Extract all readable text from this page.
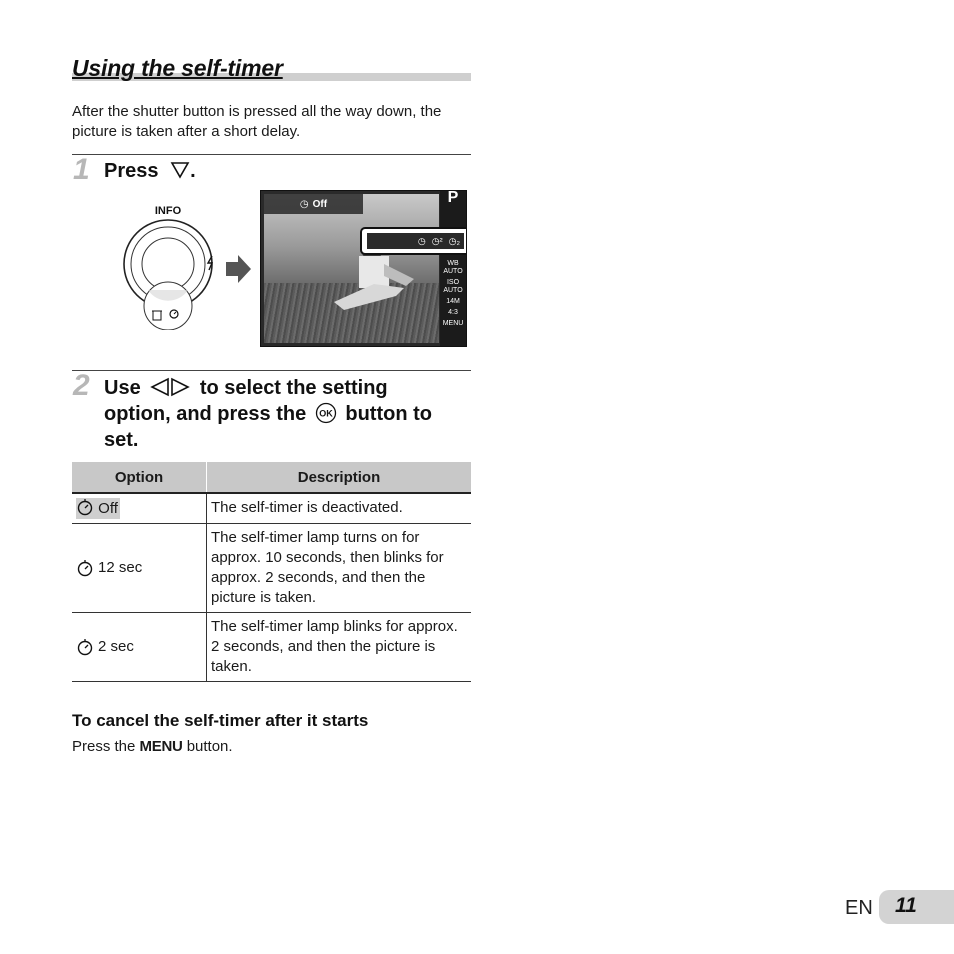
Using the self-timer
After the shutter button is pressed all the way down, the picture is taken after a short delay.
1 Press .
INFO
◷ Off	P
WB AUTO
ISO AUTO
14M
4:3
MENU
◷ ◷² ◷₂
2 Use	to select the setting
option, and press the OK button to
set.
Option	Description

Off	The self-timer is deactivated.

12 sec	The self-timer lamp turns on for approx. 10 seconds, then blinks for approx. 2 seconds, and then the picture is taken.

2 sec	The self-timer lamp blinks for approx. 2 seconds, and then the picture is taken.
To cancel the self-timer after it starts
Press the MENU button.
EN 11
